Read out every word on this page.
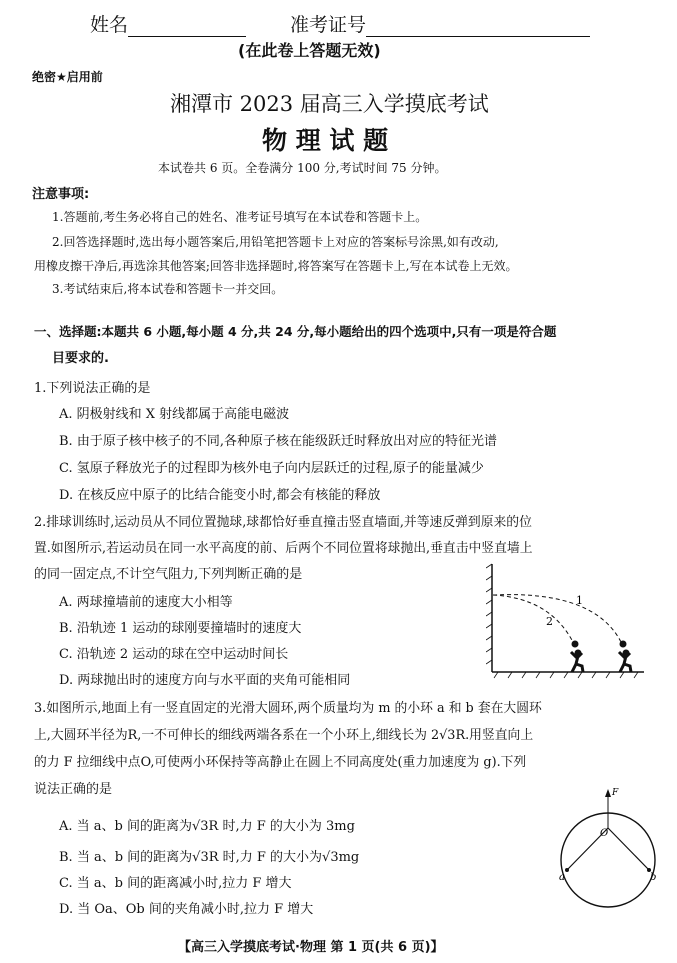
姓名	准考证号
(在此卷上答题无效)
绝密★启用前
湘潭市 2023 届高三入学摸底考试
物 理 试 题
本试卷共 6 页。全卷满分 100 分,考试时间 75 分钟。
注意事项:
1.答题前,考生务必将自己的姓名、准考证号填写在本试卷和答题卡上。
2.回答选择题时,选出每小题答案后,用铅笔把答题卡上对应的答案标号涂黑,如有改动,
用橡皮擦干净后,再选涂其他答案;回答非选择题时,将答案写在答题卡上,写在本试卷上无效。
3.考试结束后,将本试卷和答题卡一并交回。
一、选择题:本题共 6 小题,每小题 4 分,共 24 分,每小题给出的四个选项中,只有一项是符合题
目要求的.
1.下列说法正确的是
A. 阴极射线和 X 射线都属于高能电磁波
B. 由于原子核中核子的不同,各种原子核在能级跃迁时释放出对应的特征光谱
C. 氢原子释放光子的过程即为核外电子向内层跃迁的过程,原子的能量减少
D. 在核反应中原子的比结合能变小时,都会有核能的释放
2.排球训练时,运动员从不同位置抛球,球都恰好垂直撞击竖直墙面,并等速反弹到原来的位
置.如图所示,若运动员在同一水平高度的前、后两个不同位置将球抛出,垂直击中竖直墙上
的同一固定点,不计空气阻力,下列判断正确的是
A. 两球撞墙前的速度大小相等
B. 沿轨迹 1 运动的球刚要撞墙时的速度大
C. 沿轨迹 2 运动的球在空中运动时间长
D. 两球抛出时的速度方向与水平面的夹角可能相同
1
2
3.如图所示,地面上有一竖直固定的光滑大圆环,两个质量均为 m 的小环 a 和 b 套在大圆环
上,大圆环半径为R,一不可伸长的细线两端各系在一个小环上,细线长为 2√3R.用竖直向上
的力 F 拉细线中点O,可使两小环保持等高静止在圆上不同高度处(重力加速度为 g).下列
说法正确的是
A. 当 a、b 间的距离为√3R 时,力 F 的大小为 3mg
B. 当 a、b 间的距离为√3R 时,力 F 的大小为√3mg
C. 当 a、b 间的距离减小时,拉力 F 增大
D. 当 Oa、Ob 间的夹角减小时,拉力 F 增大
F
O
a	b
【高三入学摸底考试·物理 第 1 页(共 6 页)】
